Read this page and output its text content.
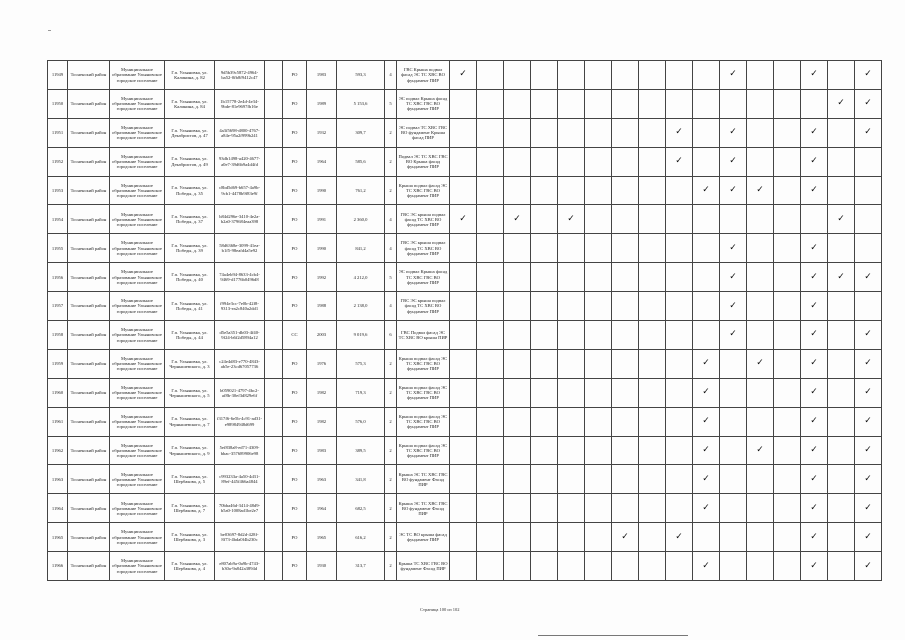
11949	Тосненский район	Муниципальное образование Ульяновское городское поселение	Г.п. Ульяновка, ул. Калинина, д. 82	9d5b39c5872-4964-ba52-0fb8f9412c47		РО	1983	593,3	4	ГВС Крыша подвал фасад ЭС ТС ХВС ВО фундамент ПИР	✓										✓			✓		✓
11950	Тосненский район	Муниципальное образование Ульяновское городское поселение	Г.п. Ульяновка, ул. Калинина, д. 84	1b15778-2e4d-4e34-9bde-81e9697fb16e		РО	1989	5 153,6	5	ЭС подвал Крыша фасад ТС ХВС ГВС ВО фундамент ПИР															✓	✓
11951	Тосненский район	Муниципальное образование Ульяновское городское поселение	Г.п. Ульяновка, ул. Декабристов, д. 47	4a3f5698-d800-4767-a84e-95a2f999b241		РО	1932	309,7	2	ЭС подвал ТС ХВС ГВС ВО фундамент Крыша фасад ПИР									✓		✓			✓		✓
11952	Тосненский район	Муниципальное образование Ульяновское городское поселение	Г.п. Ульяновка, ул. Декабристов, д. 49	93db1498-a420-4677-a0e7-39d6b9a4d4fd		РО	1964	585,6	2	Подвал ЭС ТС ХВС ГВС ВО Крыша фасад фундамент ПИР									✓		✓			✓		
11953	Тосненский район	Муниципальное образование Ульяновское городское поселение	Г.п. Ульяновка, ул. Победы, д. 35	c8bd5d69-b657-4a9b-9cb1-4478b9f83e9f		РО	1990	761,2	2	Крыша подвал фасад ЭС ТС ХВС ГВС ВО фундамент ПИР										✓	✓	✓		✓		
11954	Тосненский район	Муниципальное образование Ульяновское городское поселение	Г.п. Ульяновка, ул. Победы, д. 37	b84d296e-3410-4e2a-b2a0-379684eaa398		РО	1991	2 360,0	4	ГВС ЭС крыша подвал фасад ТС ХВС ВО фундамент ПИР	✓		✓		✓										✓	
11955	Тосненский район	Муниципальное образование Ульяновское городское поселение	Г.п. Ульяновка, ул. Победы, д. 39	58d6368e-3099-41ea-b1f5-98eafd4a5e92		РО	1990	841,2	4	ГВС ЭС крыша подвал фасад ТС ХВС ВО фундамент ПИР											✓			✓		
11956	Тосненский район	Муниципальное образование Ульяновское городское поселение	Г.п. Ульяновка, ул. Победы, д. 40	74a4eb94-8633-4cb4-9469-d1776b0496d8		РО	1992	4 212,0	5	ЭС подвал Крыша фасад ТС ХВС ГВС ВО фундамент ПИР											✓			✓	✓	✓
11957	Тосненский район	Муниципальное образование Ульяновское городское поселение	Г.п. Ульяновка, ул. Победы, д. 41	f994e3cc-7e0b-42f8-9313-ea2c840a2dd1		РО	1988	2 138,0	4	ГВС ЭС крыша подвал фасад ТС ХВС ВО фундамент ПИР											✓			✓		
11958	Тосненский район	Муниципальное образование Ульяновское городское поселение	Г.п. Ульяновка, ул. Победы, д. 44	d5e5a351-db03-4f40-9f24-b6f2d5894a12		СС	2003	9 019,6	6	ГВС Подвал фасад ЭС ТС ХВС ВО крыша ПИР											✓			✓		✓
11959	Тосненский район	Муниципальное образование Ульяновское городское поселение	Г.п. Ульяновка, ул. Чернышевского, д. 3	c24e4d83-e770-4843-ab5e-23cd67057736		РО	1976	575,3	2	Крыша подвал фасад ЭС ТС ХВС ГВС ВО фундамент ПИР										✓		✓		✓		✓
11960	Тосненский район	Муниципальное образование Ульяновское городское поселение	Г.п. Ульяновка, ул. Чернышевского, д. 5	b059021-4797-4bc2-af8b-30ef3d829e6f		РО	1982	719,3	2	Крыша подвал фасад ЭС ТС ХВС ГВС ВО фундамент ПИР										✓				✓		✓
11961	Тосненский район	Муниципальное образование Ульяновское городское поселение	Г.п. Ульяновка, ул. Чернышевского, д. 7	f317f6-6e5b-4c91-ad31-e98984948d699		РО	1982	576,0	2	Крыша подвал фасад ЭС ТС ХВС ГВС ВО фундамент ПИР										✓				✓		✓
11962	Тосненский район	Муниципальное образование Ульяновское городское поселение	Г.п. Ульяновка, ул. Чернышевского, д. 9	5ef838a8-ed71-4309-bbac-357689906e98		РО	1983	389,5	2	Крыша подвал фасад ЭС ТС ХВС ГВС ВО фундамент ПИР										✓		✓		✓		✓
11963	Тосненский район	Муниципальное образование Ульяновское городское поселение	Г.п. Ульяновка, ул. Шербакова, д. 5	c993233a-4a50-4d31-89ef-445f466a4844		РО	1963	341,8	2	Крыша ЭС ТС ХВС ГВС ВО фундамент Фасад ПИР										✓				✓		✓
11964	Тосненский район	Муниципальное образование Ульяновское городское поселение	Г.п. Ульяновка, ул. Шербакова, д. 7	70bba46d-3414-48d9-b5a0-1008ad1be2e7		РО	1964	682,5	2	Крыша ЭС ТС ХВС ГВС ВО фундамент Фасад ПИР										✓				✓		✓
11965	Тосненский район	Муниципальное образование Ульяновское городское поселение	Г.п. Ульяновка, ул. Шербакова, д. 3	be03697-8d2d-428f-8f73-4bda0f4b230c		РО	1965	616,2	2	ЭС ТС ВО крыша фасад фундамент ПИР							✓		✓					✓		✓
11966	Тосненский район	Муниципальное образование Ульяновское городское поселение	Г.п. Ульяновка, ул. Шербакова, д. 4	e807ab9a-0a9b-4743-b30a-9a842a3894d		РО	1930	313,7	2	Крыша ТС ХВС ГВС ВО фундамент Фасад ПИР										✓				✓		✓
Страница 100 из 102
